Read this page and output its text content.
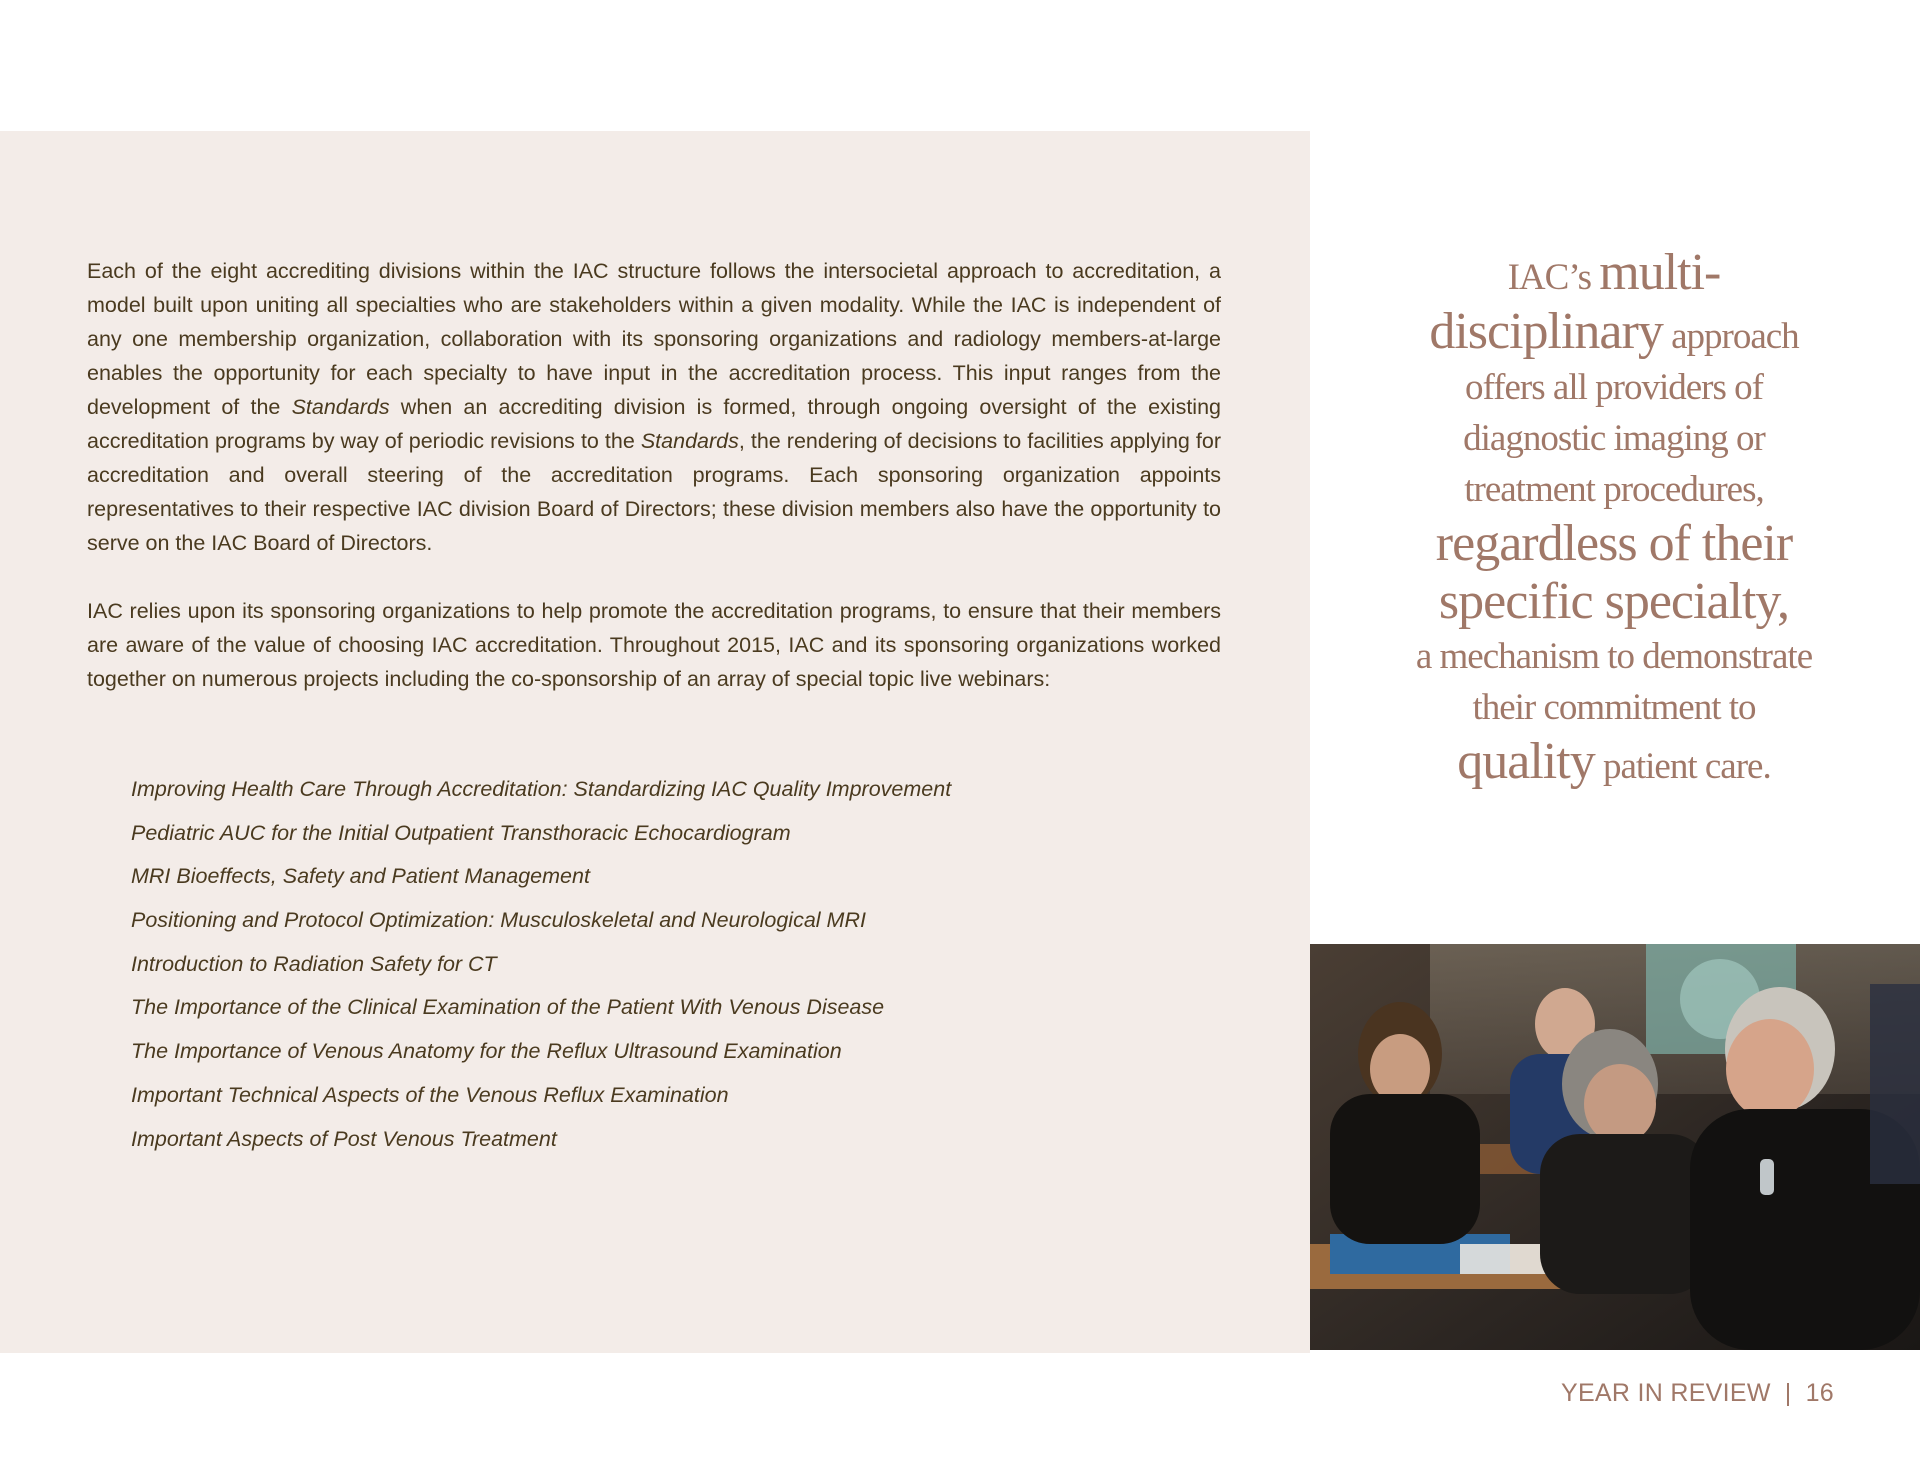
Each of the eight accrediting divisions within the IAC structure follows the intersocietal approach to accreditation, a model built upon uniting all specialties who are stakeholders within a given modality. While the IAC is independent of any one membership organization, collaboration with its sponsoring organizations and radiology members-at-large enables the opportunity for each specialty to have input in the accreditation process. This input ranges from the development of the Standards when an accrediting division is formed, through ongoing oversight of the existing accreditation programs by way of periodic revisions to the Standards, the rendering of decisions to facilities applying for accreditation and overall steering of the accreditation programs. Each sponsoring organization appoints representatives to their respective IAC division Board of Directors; these division members also have the opportunity to serve on the IAC Board of Directors.

IAC relies upon its sponsoring organizations to help promote the accreditation programs, to ensure that their members are aware of the value of choosing IAC accreditation. Throughout 2015, IAC and its sponsoring organizations worked together on numerous projects including the co-sponsorship of an array of special topic live webinars:

Improving Health Care Through Accreditation: Standardizing IAC Quality Improvement
Pediatric AUC for the Initial Outpatient Transthoracic Echocardiogram
MRI Bioeffects, Safety and Patient Management
Positioning and Protocol Optimization: Musculoskeletal and Neurological MRI
Introduction to Radiation Safety for CT
The Importance of the Clinical Examination of the Patient With Venous Disease
The Importance of Venous Anatomy for the Reflux Ultrasound Examination
Important Technical Aspects of the Venous Reflux Examination
Important Aspects of Post Venous Treatment
IAC’s multi-
disciplinary approach
offers all providers of
diagnostic imaging or
treatment procedures,
regardless of their
specific specialty,
a mechanism to demonstrate
their commitment to
quality patient care.
YEAR IN REVIEW | 16
